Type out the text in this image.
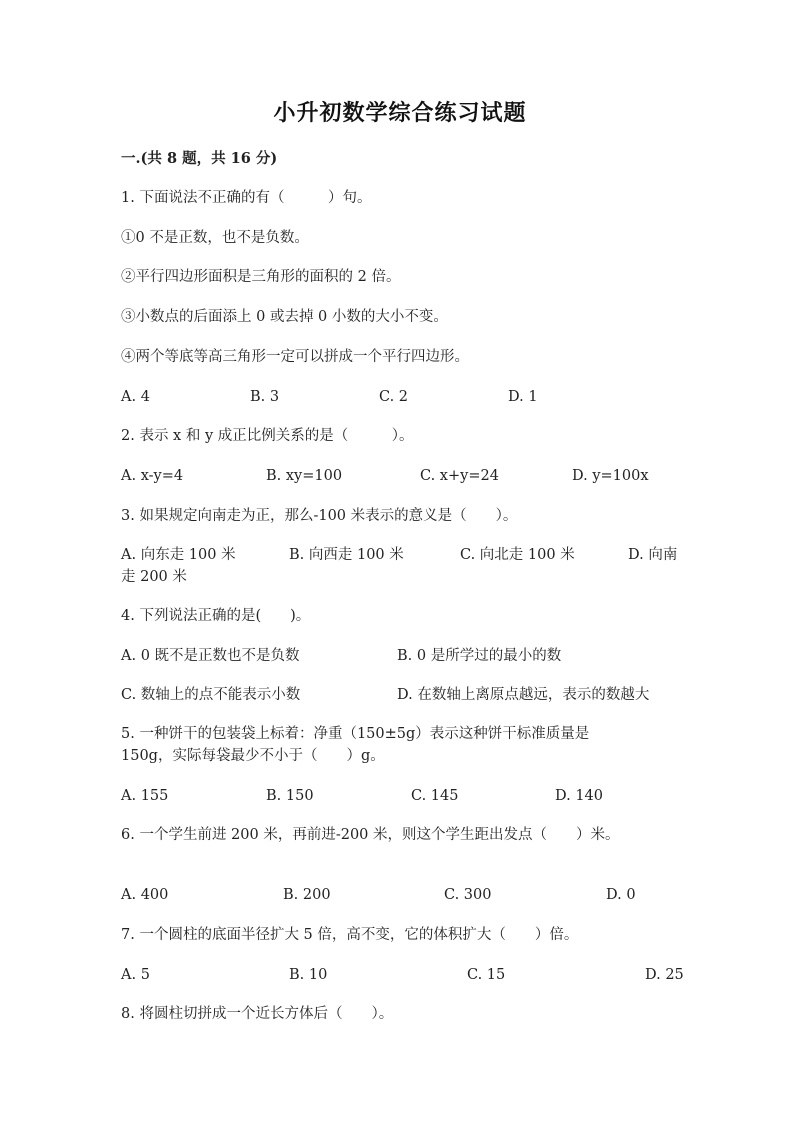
小升初数学综合练习试题
一.(共 8 题，共 16 分)
1. 下面说法不正确的有（　　　）句。
①0 不是正数，也不是负数。
②平行四边形面积是三角形的面积的 2 倍。
③小数点的后面添上 0 或去掉 0 小数的大小不变。
④两个等底等高三角形一定可以拼成一个平行四边形。
A. 4	B. 3	C. 2	D. 1
2. 表示 x 和 y 成正比例关系的是（　　　）。
A. x-y=4	B. xy=100	C. x+y=24	D. y=100x
3. 如果规定向南走为正，那么-100 米表示的意义是（　　）。
A. 向东走 100 米	B. 向西走 100 米	C. 向北走 100 米	D. 向南
走 200 米
4. 下列说法正确的是(　　)。
A. 0 既不是正数也不是负数	B. 0 是所学过的最小的数
C. 数轴上的点不能表示小数	D. 在数轴上离原点越远，表示的数越大
5. 一种饼干的包装袋上标着：净重（150±5g）表示这种饼干标准质量是
150g，实际每袋最少不小于（　　）g。
A. 155	B. 150	C. 145	D. 140
6. 一个学生前进 200 米，再前进-200 米，则这个学生距出发点（　　）米。
A. 400	B. 200	C. 300	D. 0
7. 一个圆柱的底面半径扩大 5 倍，高不变，它的体积扩大（　　）倍。
A. 5	B. 10	C. 15	D. 25
8. 将圆柱切拼成一个近长方体后（　　）。
